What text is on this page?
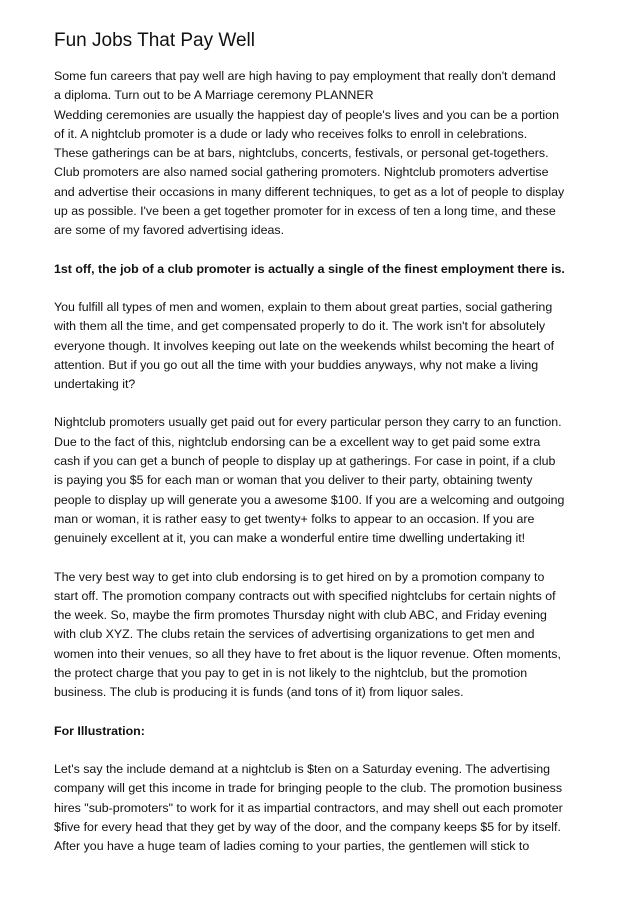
Fun Jobs That Pay Well
Some fun careers that pay well are high having to pay employment that really don't demand
a diploma. Turn out to be A Marriage ceremony PLANNER
Wedding ceremonies are usually the happiest day of people's lives and you can be a portion
of it. A nightclub promoter is a dude or lady who receives folks to enroll in celebrations.
These gatherings can be at bars, nightclubs, concerts, festivals, or personal get-togethers.
Club promoters are also named social gathering promoters. Nightclub promoters advertise
and advertise their occasions in many different techniques, to get as a lot of people to display
up as possible. I've been a get together promoter for in excess of ten a long time, and these
are some of my favored advertising ideas.
1st off, the job of a club promoter is actually a single of the finest employment there is.
You fulfill all types of men and women, explain to them about great parties, social gathering
with them all the time, and get compensated properly to do it. The work isn't for absolutely
everyone though. It involves keeping out late on the weekends whilst becoming the heart of
attention. But if you go out all the time with your buddies anyways, why not make a living
undertaking it?
Nightclub promoters usually get paid out for every particular person they carry to an function.
Due to the fact of this, nightclub endorsing can be a excellent way to get paid some extra
cash if you can get a bunch of people to display up at gatherings. For case in point, if a club
is paying you $5 for each man or woman that you deliver to their party, obtaining twenty
people to display up will generate you a awesome $100. If you are a welcoming and outgoing
man or woman, it is rather easy to get twenty+ folks to appear to an occasion. If you are
genuinely excellent at it, you can make a wonderful entire time dwelling undertaking it!
The very best way to get into club endorsing is to get hired on by a promotion company to
start off. The promotion company contracts out with specified nightclubs for certain nights of
the week. So, maybe the firm promotes Thursday night with club ABC, and Friday evening
with club XYZ. The clubs retain the services of advertising organizations to get men and
women into their venues, so all they have to fret about is the liquor revenue. Often moments,
the protect charge that you pay to get in is not likely to the nightclub, but the promotion
business. The club is producing it is funds (and tons of it) from liquor sales.
For Illustration:
Let's say the include demand at a nightclub is $ten on a Saturday evening. The advertising
company will get this income in trade for bringing people to the club. The promotion business
hires "sub-promoters" to work for it as impartial contractors, and may shell out each promoter
$five for every head that they get by way of the door, and the company keeps $5 for by itself.
After you have a huge team of ladies coming to your parties, the gentlemen will stick to
